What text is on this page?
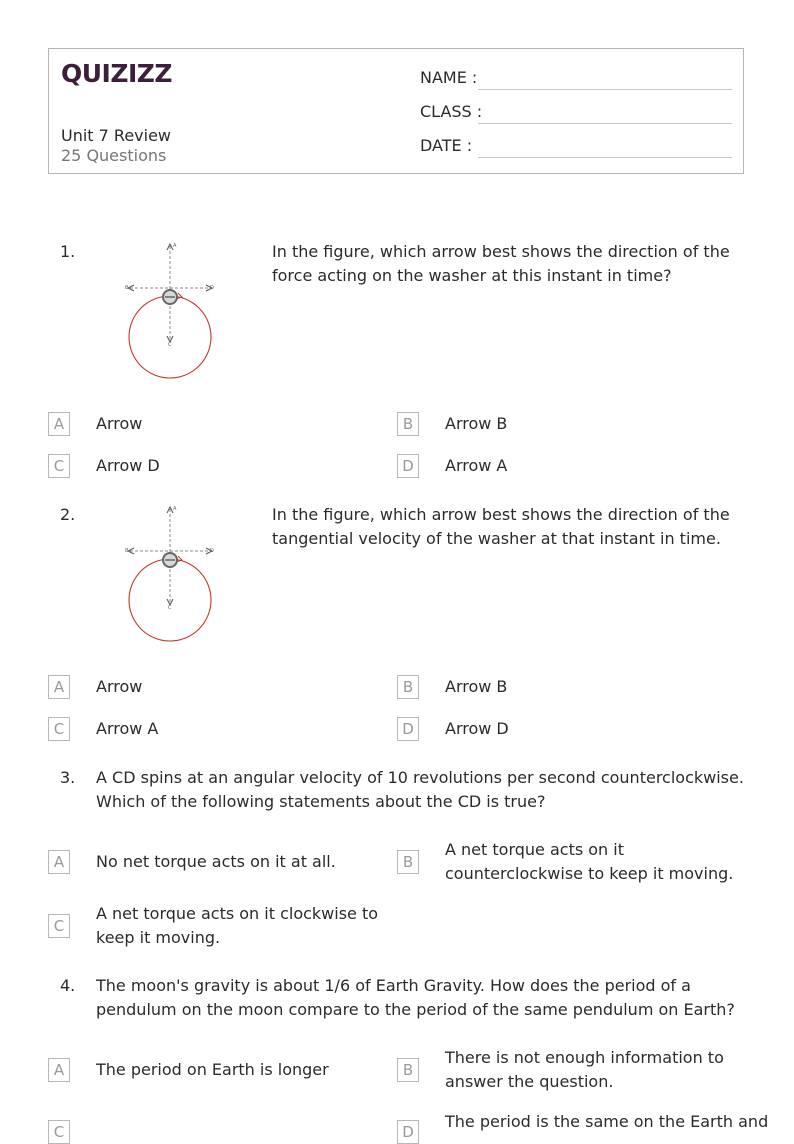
QUIZIZZ
Unit 7 Review
25 Questions
NAME :
CLASS :
DATE :
1.	A
B	D
C
In the figure, which arrow best shows the direction of the force acting on the washer at this instant in time?
A	Arrow	B	Arrow B
C	Arrow D	D	Arrow A
2.	A
B	D
C
In the figure, which arrow best shows the direction of the tangential velocity of the washer at that instant in time.
A	Arrow	B	Arrow B
C	Arrow A	D	Arrow D
3. A CD spins at an angular velocity of 10 revolutions per second counterclockwise. Which of the following statements about the CD is true?
A	No net torque acts on it at all.	B
A net torque acts on it counterclockwise to keep it moving.
C
A net torque acts on it clockwise to keep it moving.
4. The moon's gravity is about 1/6 of Earth Gravity. How does the period of a pendulum on the moon compare to the period of the same pendulum on Earth?
A	The period on Earth is longer	B
There is not enough information to answer the question.
C	D
The period is the same on the Earth and
